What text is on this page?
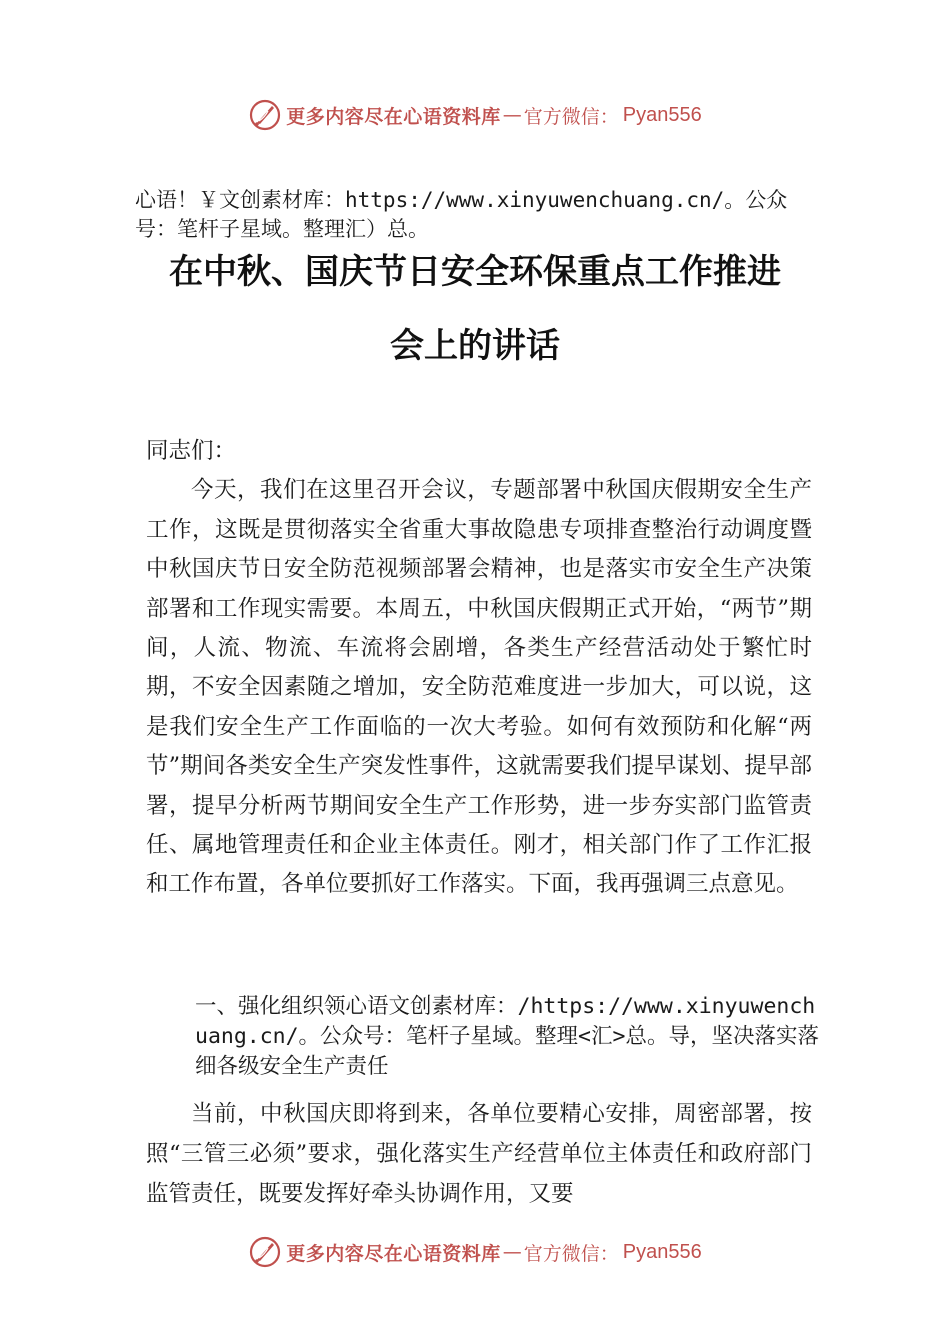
更多内容尽在心语资料库 — 官方微信： Pyan556
心语！￥文创素材库：https://www.xinyuwenchuang.cn/。公众号：笔杆子星域。整理汇）总。
在中秋、国庆节日安全环保重点工作推进
会上的讲话

同志们：

今天，我们在这里召开会议，专题部署中秋国庆假期安全生产工作，这既是贯彻落实全省重大事故隐患专项排查整治行动调度暨中秋国庆节日安全防范视频部署会精神，也是落实市安全生产决策部署和工作现实需要。本周五，中秋国庆假期正式开始，“两节”期间，人流、物流、车流将会剧增，各类生产经营活动处于繁忙时期，不安全因素随之增加，安全防范难度进一步加大，可以说，这是我们安全生产工作面临的一次大考验。如何有效预防和化解“两节”期间各类安全生产突发性事件，这就需要我们提早谋划、提早部署，提早分析两节期间安全生产工作形势，进一步夯实部门监管责任、属地管理责任和企业主体责任。刚才，相关部门作了工作汇报和工作布置，各单位要抓好工作落实。下面，我再强调三点意见。

一、强化组织领心语文创素材库：/https://www.xinyuwenchuang.cn/。公众号：笔杆子星域。整理<汇>总。导，坚决落实落细各级安全生产责任

当前，中秋国庆即将到来，各单位要精心安排，周密部署，按照“三管三必须”要求，强化落实生产经营单位主体责任和政府部门监管责任，既要发挥好牵头协调作用，又要

更多内容尽在心语资料库 — 官方微信： Pyan556
